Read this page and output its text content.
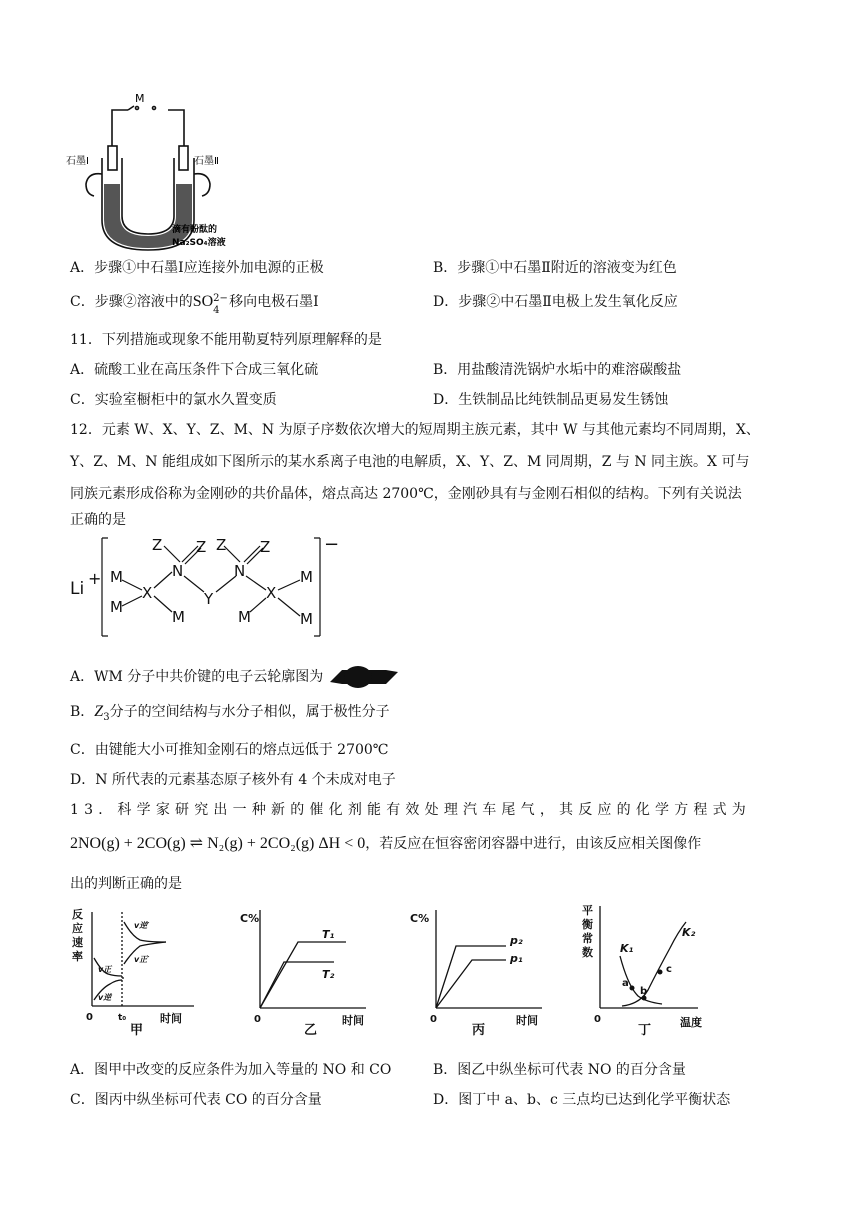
M
石墨Ⅰ	石墨Ⅱ
滴有酚酞的
Na₂SO₄溶液
A．步骤①中石墨Ⅰ应连接外加电源的正极	B．步骤①中石墨Ⅱ附近的溶液变为红色
C．步骤②溶液中的SO 2−
4
移向电极石墨Ⅰ	D．步骤②中石墨Ⅱ电极上发生氧化反应
11．下列措施或现象不能用勒夏特列原理解释的是
A．硫酸工业在高压条件下合成三氧化硫	B．用盐酸清洗锅炉水垢中的难溶碳酸盐
C．实验室橱柜中的氯水久置变质	D．生铁制品比纯铁制品更易发生锈蚀
12．元素 W、X、Y、Z、M、N 为原子序数依次增大的短周期主族元素，其中 W 与其他元素均不同周期，X、
Y、Z、M、N 能组成如下图所示的某水系离子电池的电解质，X、Y、Z、M 同周期，Z 与 N 同主族。X 可与
同族元素形成俗称为金刚砂的共价晶体，熔点高达 2700℃，金刚砂具有与金刚石相似的结构。下列有关说法
正确的是
Li
+ M
M
X
M
Z Z
N
Y
N
Z Z
X
M
M
M
−
A．WM 分子中共价键的电子云轮廓图为
B．$Z_3$分子的空间结构与水分子相似，属于极性分子
C．由键能大小可推知金刚石的熔点远低于 2700℃
D．N 所代表的元素基态原子核外有 4 个未成对电子
13．科学家研究出一种新的催化剂能有效处理汽车尾气，其反应的化学方程式为
2NO(g) + 2CO(g) ⇌ N₂(g) + 2CO₂(g) ΔH < 0，若反应在恒容密闭容器中进行，由该反应相关图像作
出的判断正确的是
反
应
速
率
0	t₀	时间
甲
v正
v逆
v逆′
v正′
C%
0	时间
乙
T₁
T₂
C%
0	时间
丙
p₂
p₁
平
衡
常
数
0	温度
丁
K₁
K₂
a
b
c
A．图甲中改变的反应条件为加入等量的 NO 和 CO	B．图乙中纵坐标可代表 NO 的百分含量
C．图丙中纵坐标可代表 CO 的百分含量	D．图丁中 a、b、c 三点均已达到化学平衡状态
